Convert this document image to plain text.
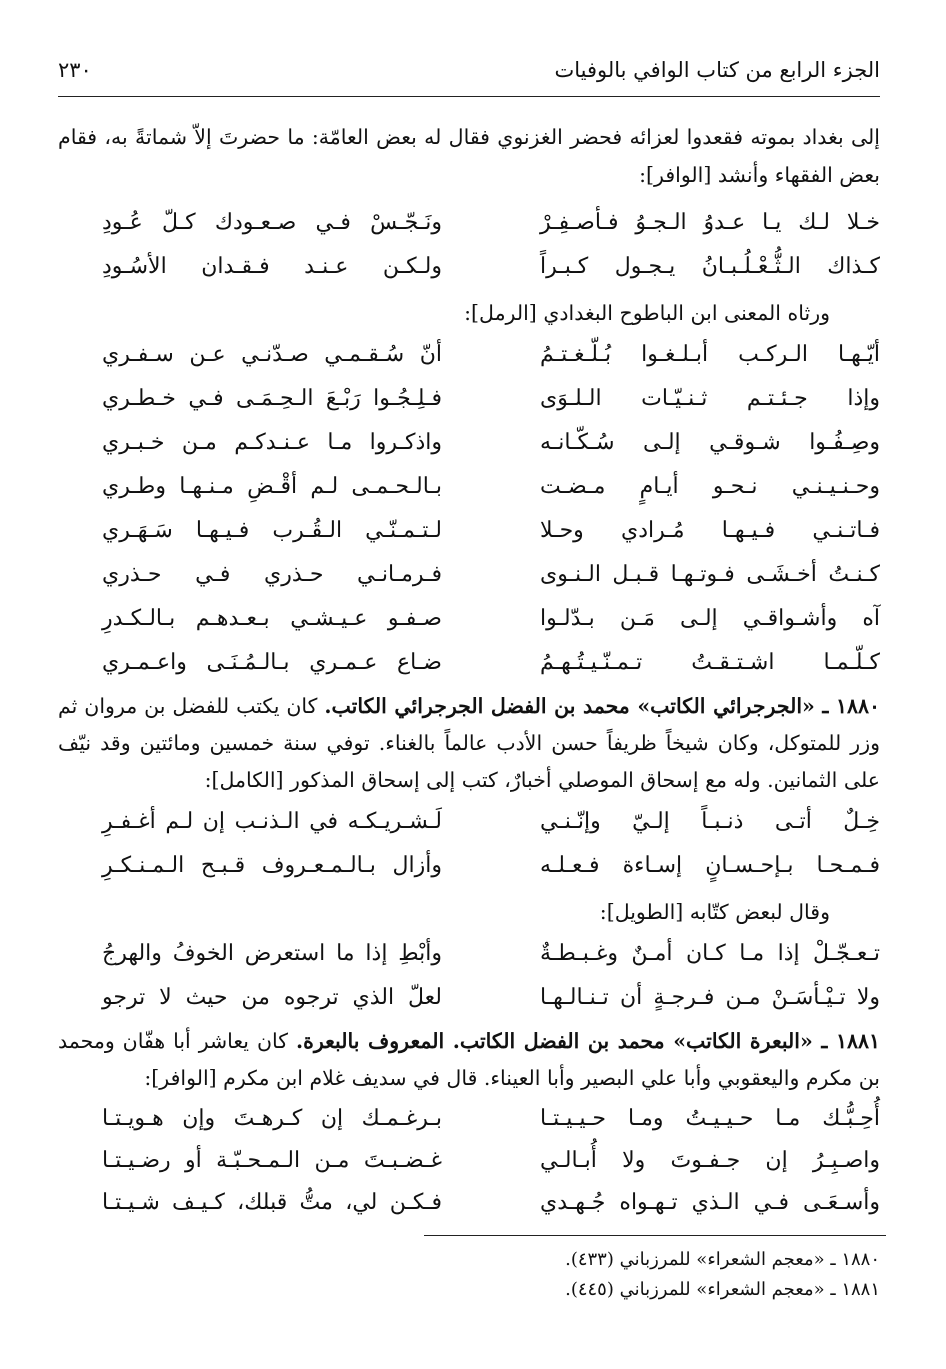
الجزء الرابع من كتاب الوافي بالوفيات
٢٣٠

إلى بغداد بموته فقعدوا لعزائه فحضر الغزنوي فقال له بعض العامّة: ما حضرتَ إلاّ شماتةً به، فقام بعض الفقهاء وأنشد [الوافر]:

خـلا لـك يـا عـدوُ الـجـوُ فـأصـفِـرْ
ونَـجّـسْ فـي صـعـودك كـلّ عُـودِ
كـذاك الـثُّـعْـلُـبـانُ يـجـول كـبـراً
ولـكـن عـنـد فـقـدان الأسُـودِ

ورثاه المعنى ابن الباطوح البغدادي [الرمل]:

أيّـهـا الـركـب أبـلـغـوا بُـلّـغـتـمُ
أنّ سُـقـمـي صـدّنـي عـن سـفـري
وإذا جـئـتـم ثـنـيّـات الـلـوَى
فـلِـجُـوا رَبْـعَ الـحِـمَـى فـي خـطـري
وصِـفُـوا شـوقـي إلـى سُـكّـانـه
واذكـروا مـا عـنـدكـم مـن خـبـري
وحـنـيـنـي نـحـو أيـامٍ مـضـت
بـالـحـمـى لـم أقْـضِ مـنـهـا وطـري
فـاتـنـي فـيـهـا مُـرادي وحـلا
لـتـمـنّـي الـقُـرب فـيـهـا سَـهَـري
كـنـتُ أخـشَـى فـوتـهـا قـبـل الـنـوى
فـرمـانـي حـذري فـي حـذري
آه وأشـواقـي إلـى مَـن بـدّلـوا
صـفـو عـيـشـي بـعـدهـم بـالـكـدرِ
كـلّـمـا اشـتـقـتُ تـمـنّـيـتُـهـمُ
ضـاع عـمـري بـالـمُـنَـى واعـمـري

١٨٨٠ ـ «الجرجرائي الكاتب» محمد بن الفضل الجرجرائي الكاتب. كان يكتب للفضل بن مروان ثم وزر للمتوكل، وكان شيخاً ظريفاً حسن الأدب عالماً بالغناء. توفي سنة خمسين ومائتين وقد نيّف على الثمانين. وله مع إسحاق الموصلي أخبارٌ، كتب إلى إسحاق المذكور [الكامل]:

خِـلٌ أتـى ذنـبـاً إلـيّ وإنّـنـي
لَـشـريـكـه في الـذنـب إن لـم أغـفـرِ
فـمـحـا بـإحـسـانٍ إسـاءة فـعـلـه
وأزال بـالـمـعـروف قـبـح الـمـنـكـرِ

وقال لبعض كتّابه [الطويل]:

تـعـجّـلْ إذا مـا كـان أمـنٌ وغـبـطـةٌ
وأبْطِ إذا ما استعرض الخوفُ والهرجُ
ولا تـيْـأسَـنْ مـن فـرجـةٍ أن تـنـالـهـا
لعلّ الذي ترجوه من حيث لا ترجو

١٨٨١ ـ «البعرة الكاتب» محمد بن الفضل الكاتب. المعروف بالبعرة. كان يعاشر أبا هفّان ومحمد بن مكرم واليعقوبي وأبا علي البصير وأبا العيناء. قال في سديف غلام ابن مكرم [الوافر]:

أُحِـبُّـك مـا حـيـيـتُ ومـا حـيـيـتـا
بـرغـمـك إن كـرهـتَ وإن هـويـتـا
واصـبِـرُ إن جـفـوتَ ولا أُبـالـي
غـضـبـتَ مـن الـمـحـبّـة أو رضـيـتـا
وأسـعَـى فـي الـذي تـهـواه جُـهـدي
فـكـن لي، متُّ قبلك، كـيـف شـيـتـا
١٨٨٠ ـ «معجم الشعراء» للمرزباني (٤٣٣).
١٨٨١ ـ «معجم الشعراء» للمرزباني (٤٤٥).
